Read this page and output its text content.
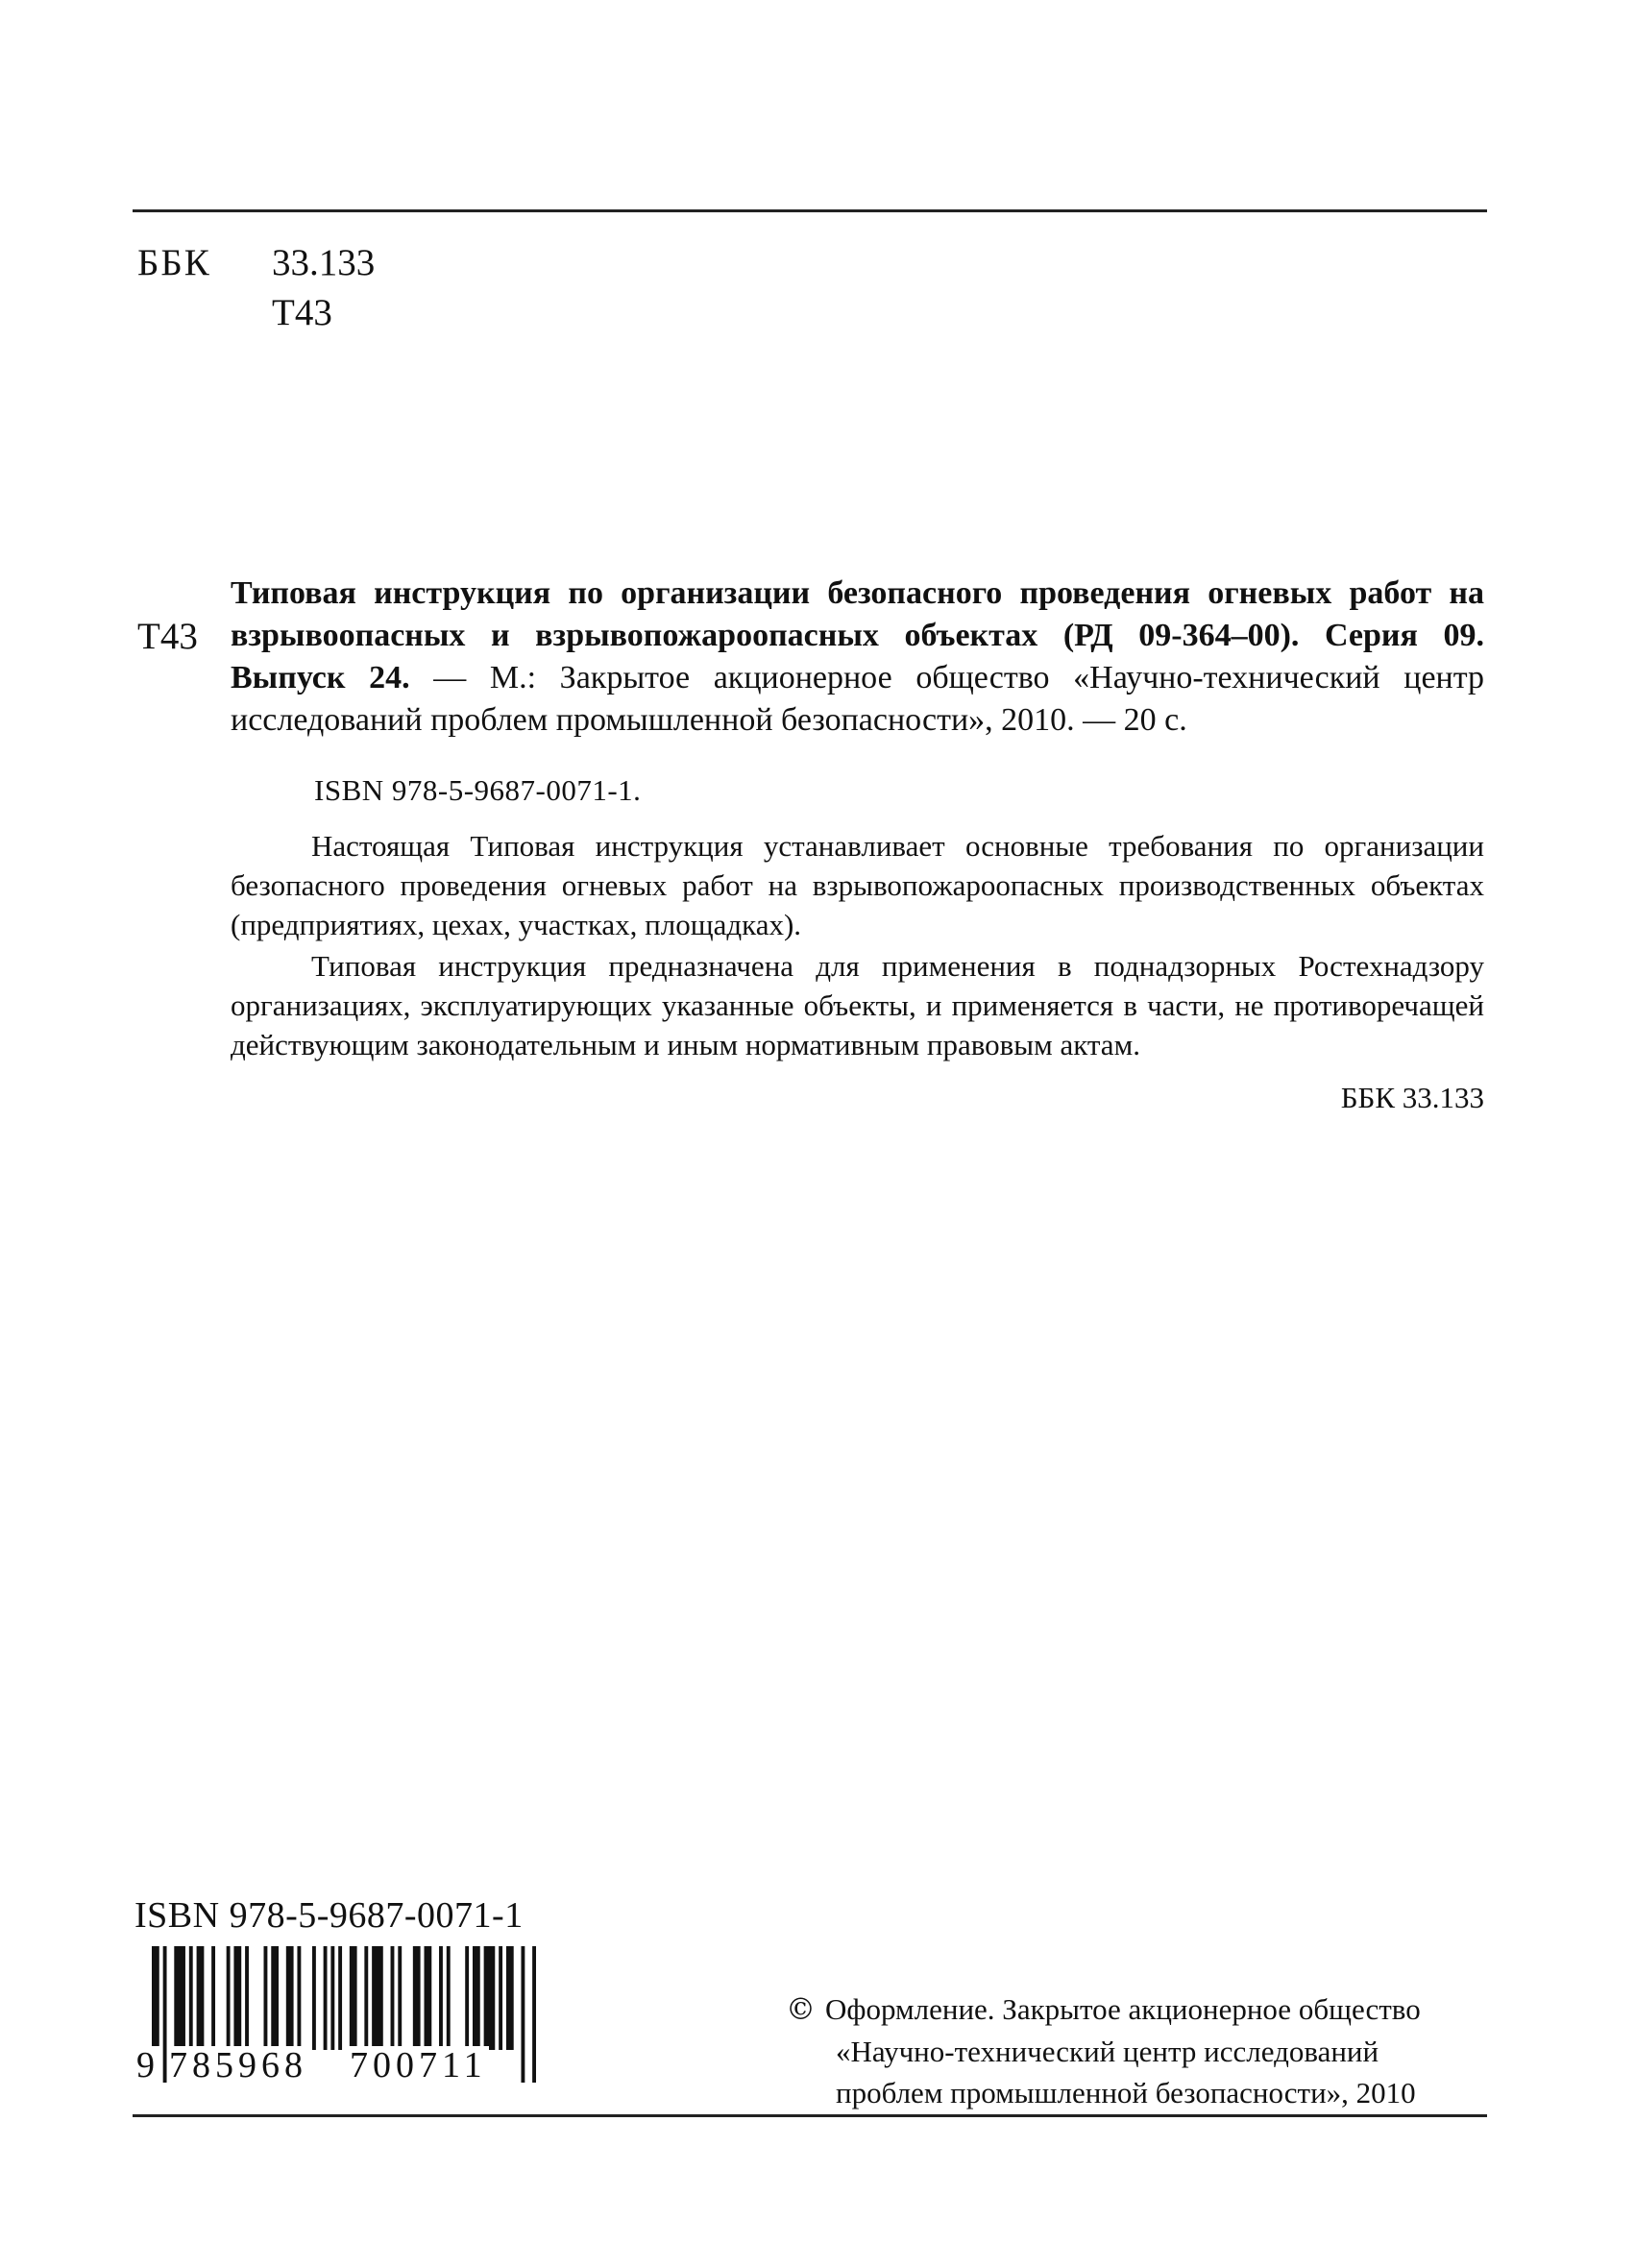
ББК 33.133
Т43
Т43
Типовая инструкция по организации безопасного проведения огневых работ на взрывоопасных и взрывопожароопасных объектах (РД 09-364–00). Серия 09. Выпуск 24. — М.: Закрытое акционерное общество «Научно-технический центр исследований проблем промышленной безопасности», 2010. — 20 с.
ISBN 978-5-9687-0071-1.

Настоящая Типовая инструкция устанавливает основные требования по организации безопасного проведения огневых работ на взрывопожароопасных производственных объектах (предприятиях, цехах, участках, площадках).

Типовая инструкция предназначена для применения в поднадзорных Ростехнадзору организациях, эксплуатирующих указанные объекты, и применяется в части, не противоречащей действующим законодательным и иным нормативным правовым актам.

ББК 33.133

ISBN 978-5-9687-0071-1
9 785968 700711
© Оформление. Закрытое акционерное общество
«Научно-технический центр исследований
проблем промышленной безопасности», 2010
